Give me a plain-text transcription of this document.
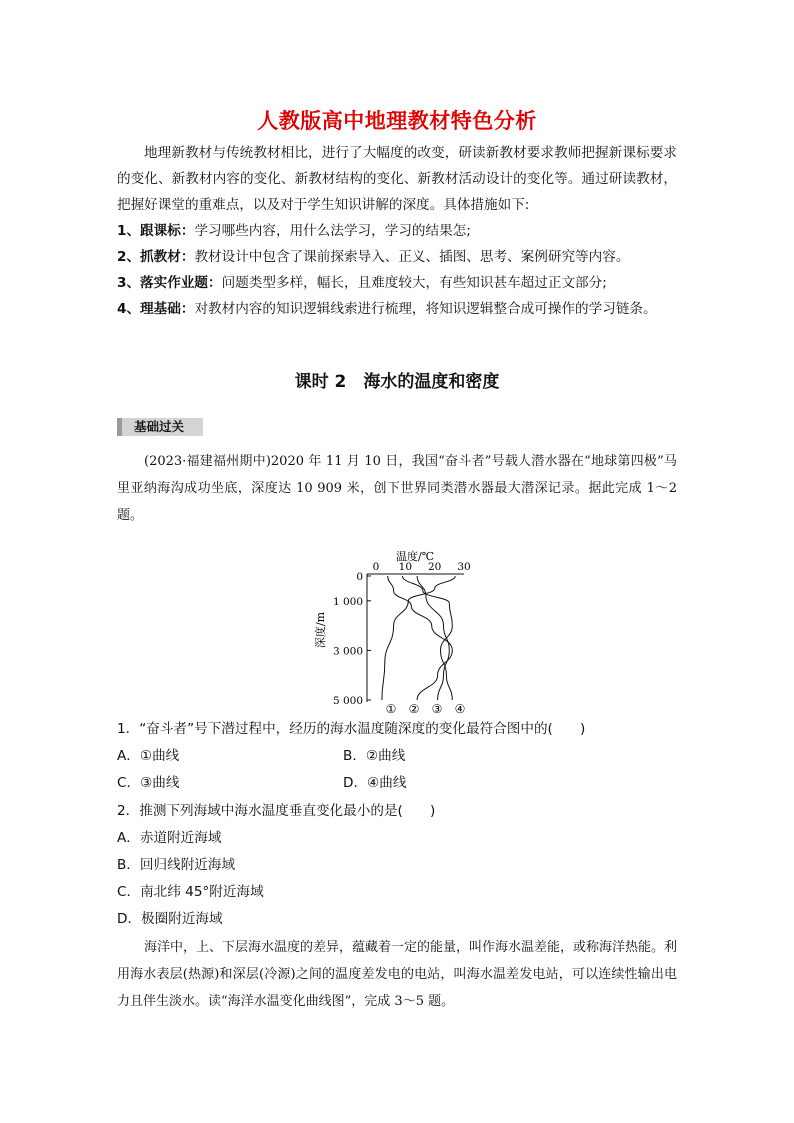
人教版高中地理教材特色分析

地理新教材与传统教材相比，进行了大幅度的改变，研读新教材要求教师把握新课标要求的变化、新教材内容的变化、新教材结构的变化、新教材活动设计的变化等。通过研读教材，把握好课堂的重难点，以及对于学生知识讲解的深度。具体措施如下:

1、跟课标：学习哪些内容，用什么法学习，学习的结果怎;

2、抓教材：教材设计中包含了课前探索导入、正义、插图、思考、案例研究等内容。

3、落实作业题：问题类型多样，幅长，且难度较大，有些知识甚车超过正文部分;

4、理基础：对教材内容的知识逻辑线索进行梳理，将知识逻辑整合成可操作的学习链条。

课时 2　海水的温度和密度
基础过关

(2023·福建福州期中)2020 年 11 月 10 日，我国“奋斗者”号载人潜水器在“地球第四极”马里亚纳海沟成功坐底，深度达 10 909 米，创下世界同类潜水器最大潜深记录。据此完成 1～2题。

温度/℃
0 10 20 30
0
1 000
3 000
5 000
深度/m
① ② ③ ④
1．“奋斗者”号下潜过程中，经历的海水温度随深度的变化最符合图中的(　　)
A．①曲线	B．②曲线
C．③曲线	D．④曲线
2．推测下列海域中海水温度垂直变化最小的是(　　)
A．赤道附近海域
B．回归线附近海域
C．南北纬 45°附近海域
D．极圈附近海域

海洋中，上、下层海水温度的差异，蕴藏着一定的能量，叫作海水温差能，或称海洋热能。利用海水表层(热源)和深层(冷源)之间的温度差发电的电站，叫海水温差发电站，可以连续性输出电力且伴生淡水。读“海洋水温变化曲线图”，完成 3～5 题。
